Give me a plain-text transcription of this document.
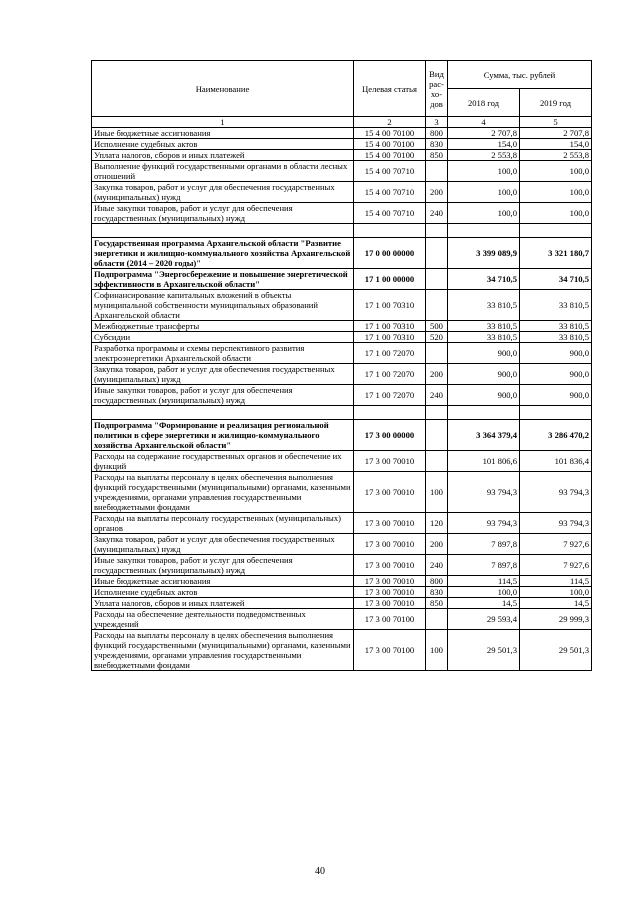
Наименование	Целевая статья	Вид рас-хо-дов	Сумма, тыс. рублей	
			2018 год	2019 год
1	2	3	4	5
Иные бюджетные ассигнования	15 4 00 70100	800	2 707,8	2 707,8
Исполнение судебных актов	15 4 00 70100	830	154,0	154,0
Уплата налогов, сборов и иных платежей	15 4 00 70100	850	2 553,8	2 553,8
Выполнение функций государственными органами в области лесных отношений	15 4 00 70710		100,0	100,0
Закупка товаров, работ и услуг для обеспечения государственных (муниципальных) нужд	15 4 00 70710	200	100,0	100,0
Иные закупки товаров, работ и услуг для обеспечения государственных (муниципальных) нужд	15 4 00 70710	240	100,0	100,0

Государственная программа Архангельской области "Развитие энергетики и жилищно-коммунального хозяйства Архангельской области (2014 – 2020 годы)"	17 0 00 00000		3 399 089,9	3 321 180,7
Подпрограмма "Энергосбережение и повышение энергетической эффективности в Архангельской области"	17 1 00 00000		34 710,5	34 710,5
Софинансирование капитальных вложений в объекты муниципальной собственности муниципальных образований Архангельской области	17 1 00 70310		33 810,5	33 810,5
Межбюджетные трансферты	17 1 00 70310	500	33 810,5	33 810,5
Субсидии	17 1 00 70310	520	33 810,5	33 810,5
Разработка программы и схемы перспективного развития электроэнергетики Архангельской области	17 1 00 72070		900,0	900,0
Закупка товаров, работ и услуг для обеспечения государственных (муниципальных) нужд	17 1 00 72070	200	900,0	900,0
Иные закупки товаров, работ и услуг для обеспечения государственных (муниципальных) нужд	17 1 00 72070	240	900,0	900,0

Подпрограмма "Формирование и реализация региональной политики в сфере энергетики и жилищно-коммунального хозяйства Архангельской области"	17 3 00 00000		3 364 379,4	3 286 470,2
Расходы на содержание государственных органов и обеспечение их функций	17 3 00 70010		101 806,6	101 836,4
Расходы на выплаты персоналу в целях обеспечения выполнения функций государственными (муниципальными) органами, казенными учреждениями, органами управления государственными внебюджетными фондами	17 3 00 70010	100	93 794,3	93 794,3
Расходы на выплаты персоналу государственных (муниципальных) органов	17 3 00 70010	120	93 794,3	93 794,3
Закупка товаров, работ и услуг для обеспечения государственных (муниципальных) нужд	17 3 00 70010	200	7 897,8	7 927,6
Иные закупки товаров, работ и услуг для обеспечения государственных (муниципальных) нужд	17 3 00 70010	240	7 897,8	7 927,6
Иные бюджетные ассигнования	17 3 00 70010	800	114,5	114,5
Исполнение судебных актов	17 3 00 70010	830	100,0	100,0
Уплата налогов, сборов и иных платежей	17 3 00 70010	850	14,5	14,5
Расходы на обеспечение деятельности подведомственных учреждений	17 3 00 70100		29 593,4	29 999,3
Расходы на выплаты персоналу в целях обеспечения выполнения функций государственными (муниципальными) органами, казенными учреждениями, органами управления государственными внебюджетными фондами	17 3 00 70100	100	29 501,3	29 501,3
40
